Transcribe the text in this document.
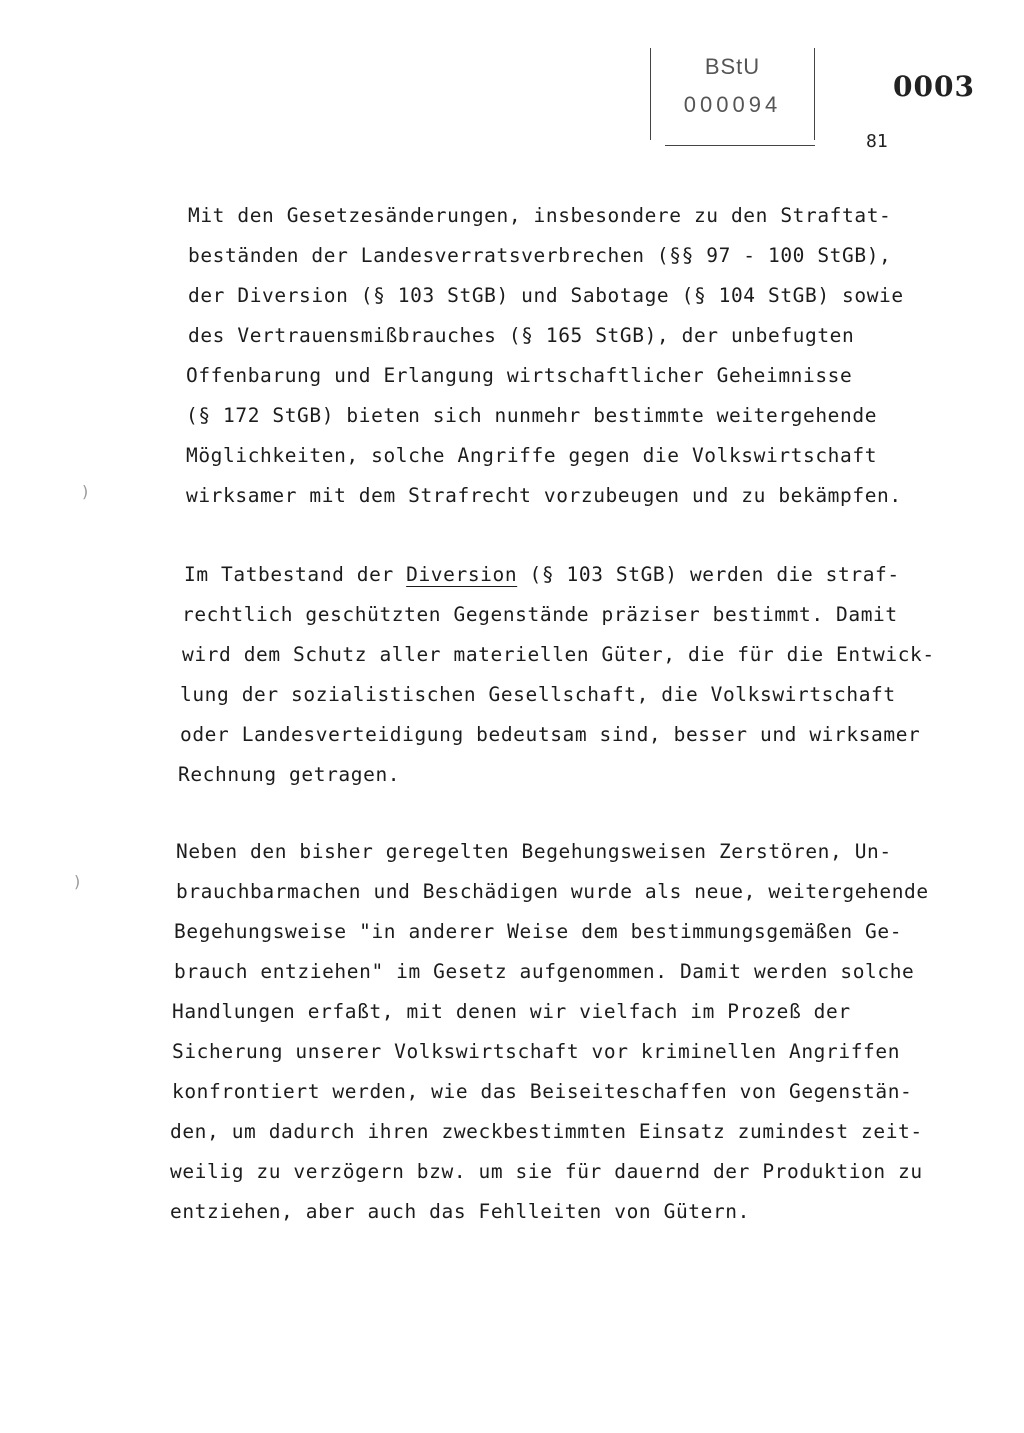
BStU
000094
0003
81
)
)
Mit den Gesetzesänderungen, insbesondere zu den Straftat-
beständen der Landesverratsverbrechen (§§ 97 - 100 StGB),
der Diversion (§ 103 StGB) und Sabotage (§ 104 StGB) sowie
des Vertrauensmißbrauches (§ 165 StGB), der unbefugten
Offenbarung und Erlangung wirtschaftlicher Geheimnisse
(§ 172 StGB) bieten sich nunmehr bestimmte weitergehende
Möglichkeiten, solche Angriffe gegen die Volkswirtschaft
wirksamer mit dem Strafrecht vorzubeugen und zu bekämpfen.
Im Tatbestand der Diversion (§ 103 StGB) werden die straf-
rechtlich geschützten Gegenstände präziser bestimmt. Damit
wird dem Schutz aller materiellen Güter, die für die Entwick-
lung der sozialistischen Gesellschaft, die Volkswirtschaft
oder Landesverteidigung bedeutsam sind, besser und wirksamer
Rechnung getragen.
Neben den bisher geregelten Begehungsweisen Zerstören, Un-
brauchbarmachen und Beschädigen wurde als neue, weitergehende
Begehungsweise "in anderer Weise dem bestimmungsgemäßen Ge-
brauch entziehen" im Gesetz aufgenommen. Damit werden solche
Handlungen erfaßt, mit denen wir vielfach im Prozeß der
Sicherung unserer Volkswirtschaft vor kriminellen Angriffen
konfrontiert werden, wie das Beiseiteschaffen von Gegenstän-
den, um dadurch ihren zweckbestimmten Einsatz zumindest zeit-
weilig zu verzögern bzw. um sie für dauernd der Produktion zu
entziehen, aber auch das Fehlleiten von Gütern.
